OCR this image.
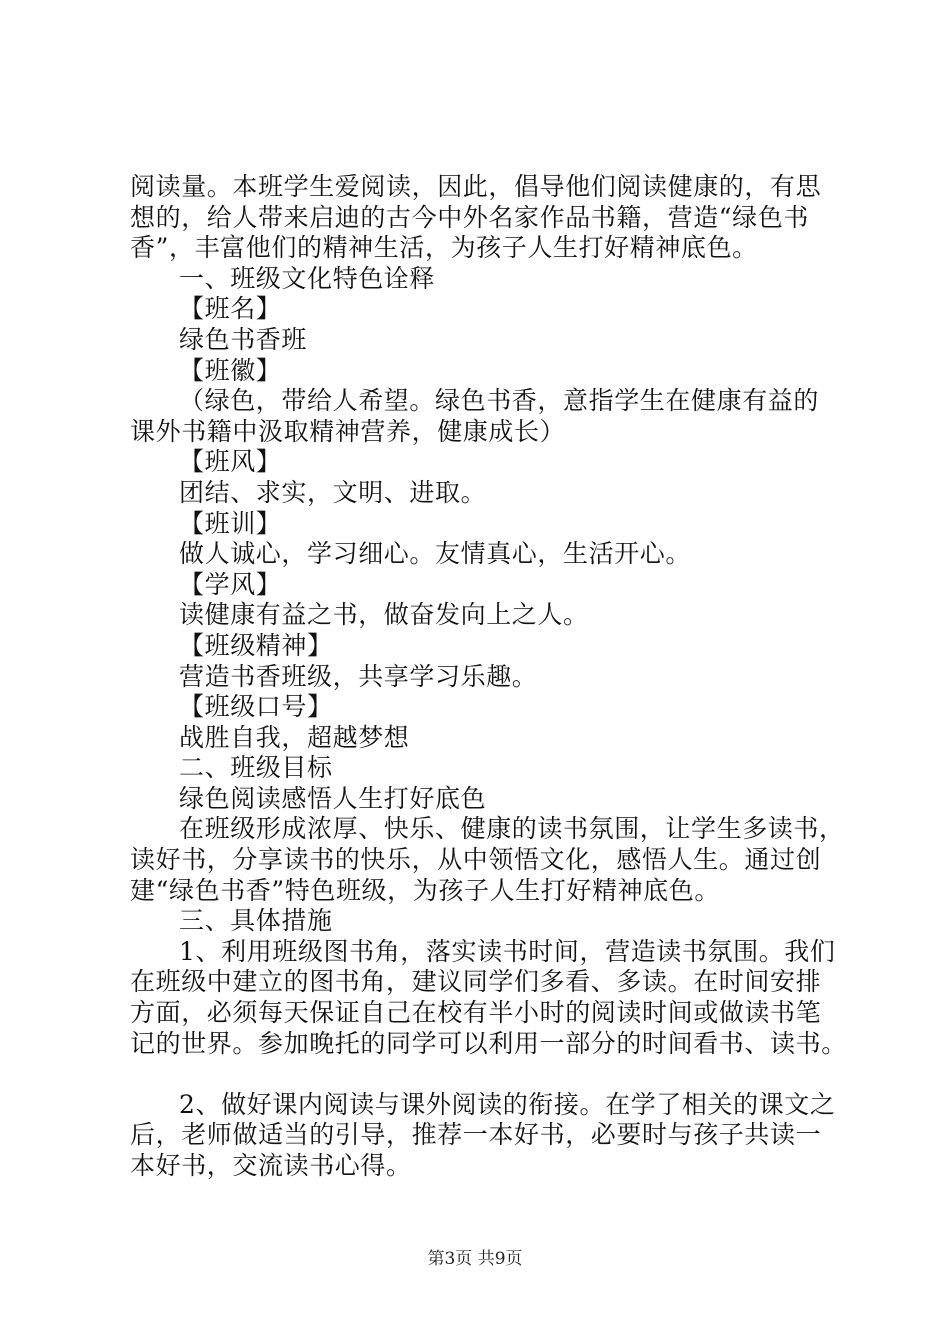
阅读量。本班学生爱阅读，因此，倡导他们阅读健康的，有思
想的，给人带来启迪的古今中外名家作品书籍，营造“绿色书
香”，丰富他们的精神生活，为孩子人生打好精神底色。
一、班级文化特色诠释
【班名】
绿色书香班
【班徽】
（绿色，带给人希望。绿色书香，意指学生在健康有益的
课外书籍中汲取精神营养，健康成长）
【班风】
团结、求实，文明、进取。
【班训】
做人诚心，学习细心。友情真心，生活开心。
【学风】
读健康有益之书，做奋发向上之人。
【班级精神】
营造书香班级，共享学习乐趣。
【班级口号】
战胜自我，超越梦想
二、班级目标
绿色阅读感悟人生打好底色
在班级形成浓厚、快乐、健康的读书氛围，让学生多读书，
读好书，分享读书的快乐，从中领悟文化，感悟人生。通过创
建“绿色书香”特色班级，为孩子人生打好精神底色。
三、具体措施
1、利用班级图书角，落实读书时间，营造读书氛围。我们
在班级中建立的图书角，建议同学们多看、多读。在时间安排
方面，必须每天保证自己在校有半小时的阅读时间或做读书笔
记的世界。参加晚托的同学可以利用一部分的时间看书、读书。
2、做好课内阅读与课外阅读的衔接。在学了相关的课文之
后，老师做适当的引导，推荐一本好书，必要时与孩子共读一
本好书，交流读书心得。
第3页 共9页
